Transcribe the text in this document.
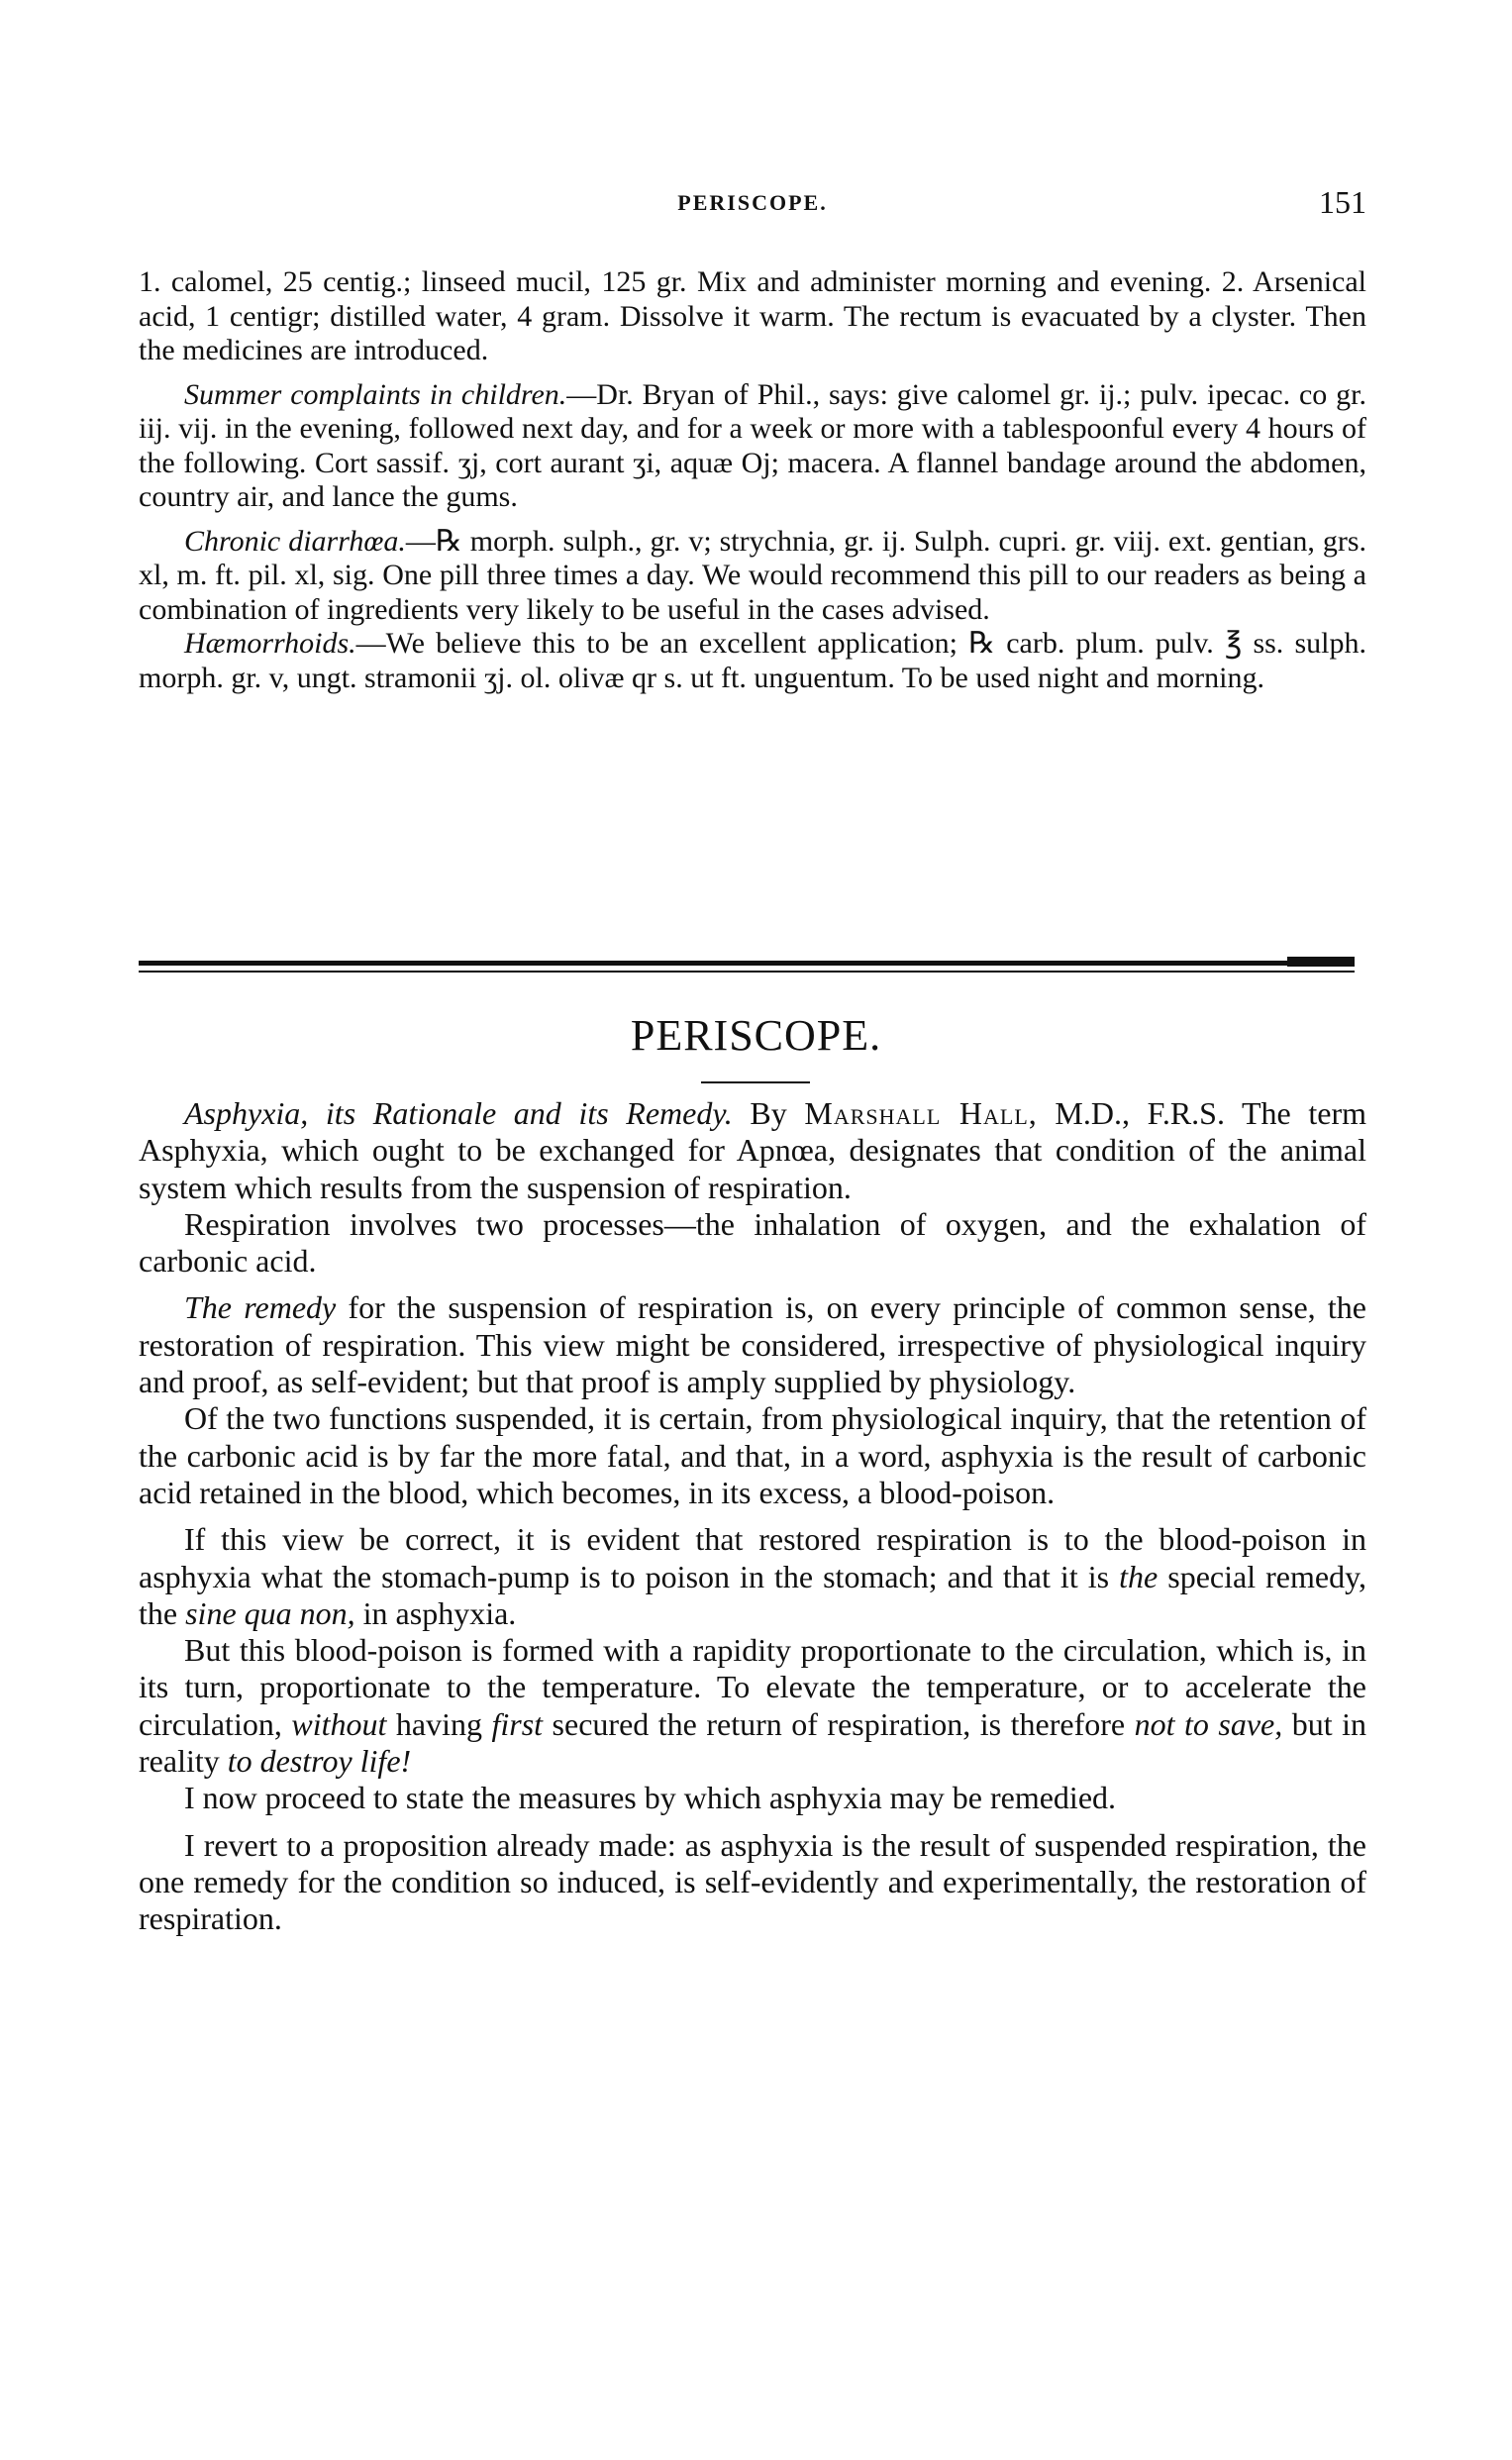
PERISCOPE.	151

1. calomel, 25 centig.; linseed mucil, 125 gr. Mix and administer morning and evening. 2. Arsenical acid, 1 centigr; distilled water, 4 gram. Dissolve it warm. The rectum is evacuated by a clyster. Then the medicines are introduced.

Summer complaints in children.—Dr. Bryan of Phil., says: give calomel gr. ij.; pulv. ipecac. co gr. iij. vij. in the evening, followed next day, and for a week or more with a tablespoonful every 4 hours of the following. Cort sassif. ʒj, cort aurant ʒi, aquæ Oj; macera. A flannel bandage around the abdomen, country air, and lance the gums.

Chronic diarrhœa.—℞ morph. sulph., gr. v; strychnia, gr. ij. Sulph. cupri. gr. viij. ext. gentian, grs. xl, m. ft. pil. xl, sig. One pill three times a day. We would recommend this pill to our readers as being a combination of ingredients very likely to be useful in the cases advised.

Hæmorrhoids.—We believe this to be an excellent application; ℞ carb. plum. pulv. ℥ ss. sulph. morph. gr. v, ungt. stramonii ʒj. ol. olivæ qr s. ut ft. unguentum. To be used night and morning.

PERISCOPE.

Asphyxia, its Rationale and its Remedy. By Marshall Hall, M.D., F.R.S. The term Asphyxia, which ought to be exchanged for Apnœa, designates that condition of the animal system which results from the suspension of respiration.

Respiration involves two processes—the inhalation of oxygen, and the exhalation of carbonic acid.

The remedy for the suspension of respiration is, on every principle of common sense, the restoration of respiration. This view might be considered, irrespective of physiological inquiry and proof, as self-evident; but that proof is amply supplied by physiology.

Of the two functions suspended, it is certain, from physiological inquiry, that the retention of the carbonic acid is by far the more fatal, and that, in a word, asphyxia is the result of carbonic acid retained in the blood, which becomes, in its excess, a blood-poison.

If this view be correct, it is evident that restored respiration is to the blood-poison in asphyxia what the stomach-pump is to poison in the stomach; and that it is the special remedy, the sine qua non, in asphyxia.

But this blood-poison is formed with a rapidity proportionate to the circulation, which is, in its turn, proportionate to the temperature. To elevate the temperature, or to accelerate the circulation, without having first secured the return of respiration, is therefore not to save, but in reality to destroy life!

I now proceed to state the measures by which asphyxia may be remedied.

I revert to a proposition already made: as asphyxia is the result of suspended respiration, the one remedy for the condition so induced, is self-evidently and experimentally, the restoration of respiration.
